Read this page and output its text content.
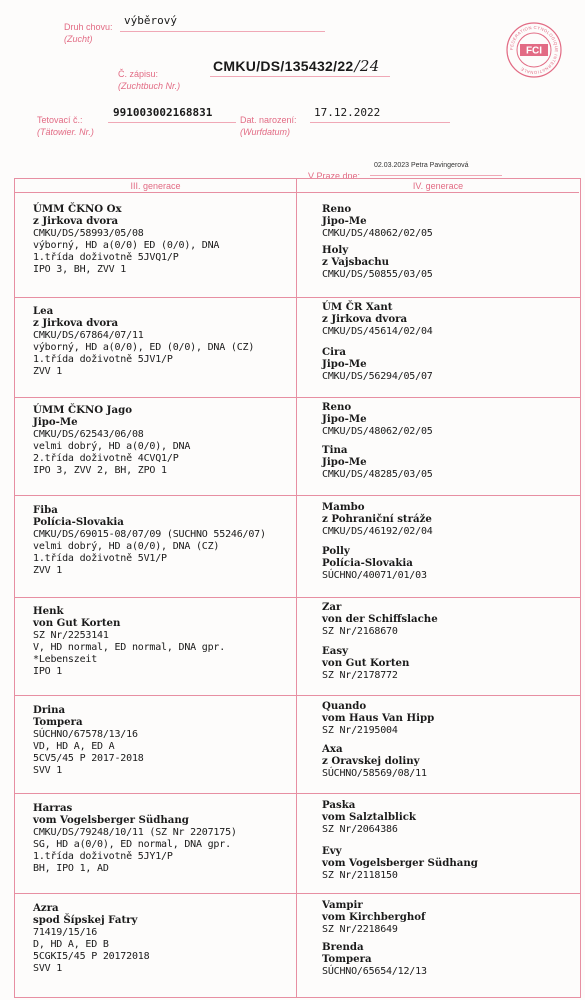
Druh chovu:
(Zucht)
výběrový
Č. zápisu:
(Zuchtbuch Nr.)
CMKU/DS/135432/22/24
Tetovací č.:
(Tätowier. Nr.)
991003002168831
Dat. narození:
(Wurfdatum)
17.12.2022
02.03.2023 Petra Pavingerová
V Praze dne:
FEDERATION CYNOLOGIQUE INTERNATIONALE
FCI
III. generace	IV. generace
ÚMM ČKNO Ox
z Jirkova dvora
CMKU/DS/58993/05/08
výborný, HD a(0/0) ED (0/0), DNA
1.třída doživotně 5JVQ1/P
IPO 3, BH, ZVV 1
Reno
Jipo-Me
CMKU/DS/48062/02/05
Holy
z Vajsbachu
CMKU/DS/50855/03/05
Lea
z Jirkova dvora
CMKU/DS/67864/07/11
výborný, HD a(0/0), ED (0/0), DNA (CZ)
1.třída doživotně 5JV1/P
ZVV 1
ÚM ČR Xant
z Jirkova dvora
CMKU/DS/45614/02/04
Cira
Jipo-Me
CMKU/DS/56294/05/07
ÚMM ČKNO Jago
Jipo-Me
CMKU/DS/62543/06/08
velmi dobrý, HD a(0/0), DNA
2.třída doživotně 4CVQ1/P
IPO 3, ZVV 2, BH, ZPO 1
Reno
Jipo-Me
CMKU/DS/48062/02/05
Tina
Jipo-Me
CMKU/DS/48285/03/05
Fiba
Polícia-Slovakia
CMKU/DS/69015-08/07/09 (SUCHNO 55246/07)
velmi dobrý, HD a(0/0), DNA (CZ)
1.třída doživotně 5V1/P
ZVV 1
Mambo
z Pohraniční stráže
CMKU/DS/46192/02/04
Polly
Polícia-Slovakia
SÚCHNO/40071/01/03
Henk
von Gut Korten
SZ Nr/2253141
V, HD normal, ED normal, DNA gpr.
*Lebenszeit
IPO 1
Zar
von der Schiffslache
SZ Nr/2168670
Easy
von Gut Korten
SZ Nr/2178772
Drina
Tompera
SÚCHNO/67578/13/16
VD, HD A, ED A
5CV5/45 P 2017-2018
SVV 1
Quando
vom Haus Van Hipp
SZ Nr/2195004
Axa
z Oravskej doliny
SÚCHNO/58569/08/11
Harras
vom Vogelsberger Südhang
CMKU/DS/79248/10/11 (SZ Nr 2207175)
SG, HD a(0/0), ED normal, DNA gpr.
1.třída doživotně 5JY1/P
BH, IPO 1, AD
Paska
vom Salztalblick
SZ Nr/2064386
Evy
vom Vogelsberger Südhang
SZ Nr/2118150
Azra
spod Šípskej Fatry
71419/15/16
D, HD A, ED B
5CGKI5/45 P 20172018
SVV 1
Vampir
vom Kirchberghof
SZ Nr/2218649
Brenda
Tompera
SÚCHNO/65654/12/13
